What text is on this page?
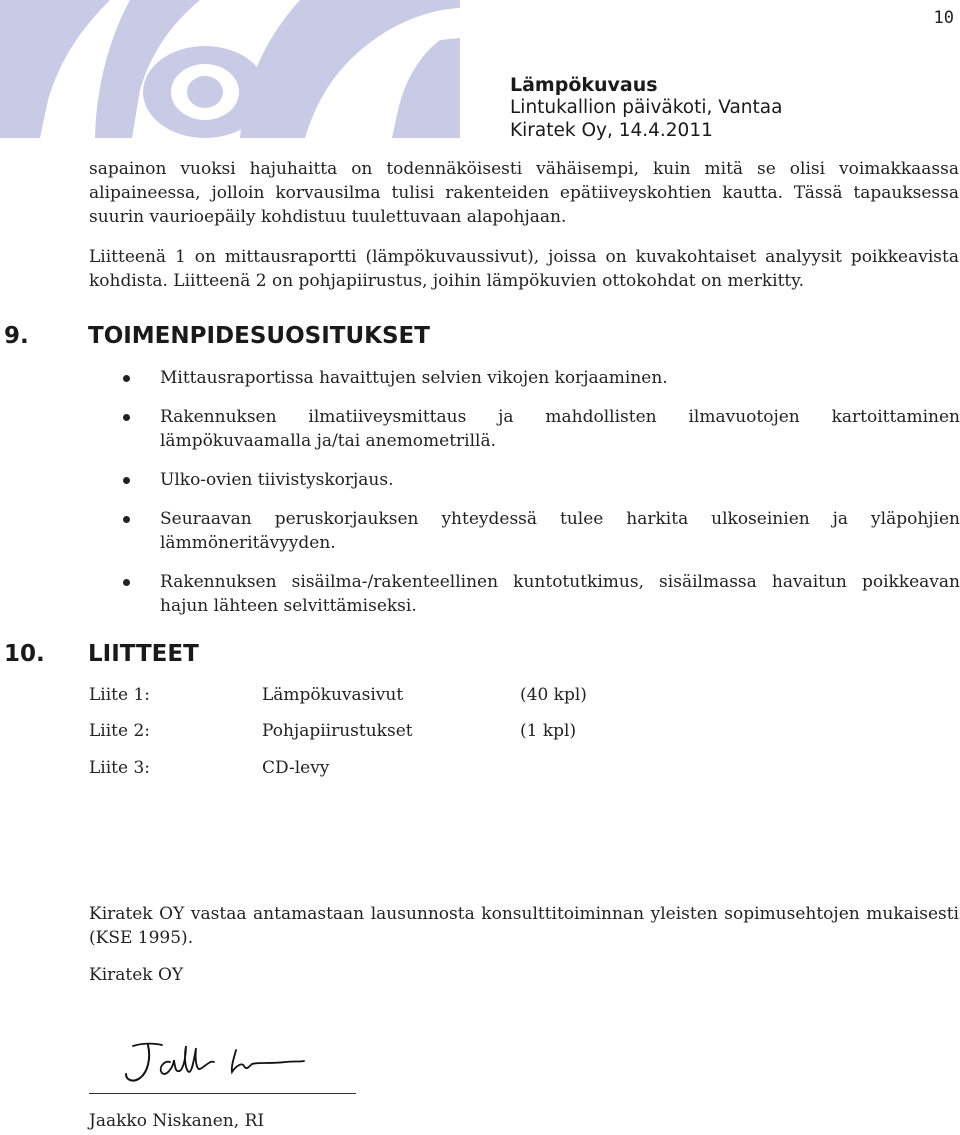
10
Lämpökuvaus
Lintukallion päiväkoti, Vantaa
Kiratek Oy, 14.4.2011

sapainon vuoksi hajuhaitta on todennäköisesti vähäisempi, kuin mitä se olisi voimakkaassa alipaineessa, jolloin korvausilma tulisi rakenteiden epätiiveyskohtien kautta. Tässä tapauksessa suurin vaurioepäily kohdistuu tuulettuvaan alapohjaan.

Liitteenä 1 on mittausraportti (lämpökuvaussivut), joissa on kuvakohtaiset analyysit poikkeavista kohdista. Liitteenä 2 on pohjapiirustus, joihin lämpökuvien ottokohdat on merkitty.

9.	TOIMENPIDESUOSITUKSET
Mittausraportissa havaittujen selvien vikojen korjaaminen.
Rakennuksen ilmatiiveysmittaus ja mahdollisten ilmavuotojen kartoittaminen lämpökuvaamalla ja/tai anemometrillä.
Ulko-ovien tiivistyskorjaus.
Seuraavan peruskorjauksen yhteydessä tulee harkita ulkoseinien ja yläpohjien lämmöneritävyyden.
Rakennuksen sisäilma-/rakenteellinen kuntotutkimus, sisäilmassa havaitun poikkeavan hajun lähteen selvittämiseksi.
10. LIITTEET
Liite 1:	Lämpökuvasivut	(40 kpl)
Liite 2:	Pohjapiirustukset	(1 kpl)
Liite 3:	CD-levy

Kiratek OY vastaa antamastaan lausunnosta konsulttitoiminnan yleisten sopimusehtojen mukaisesti (KSE 1995).

Kiratek OY

Jaakko Niskanen, RI
